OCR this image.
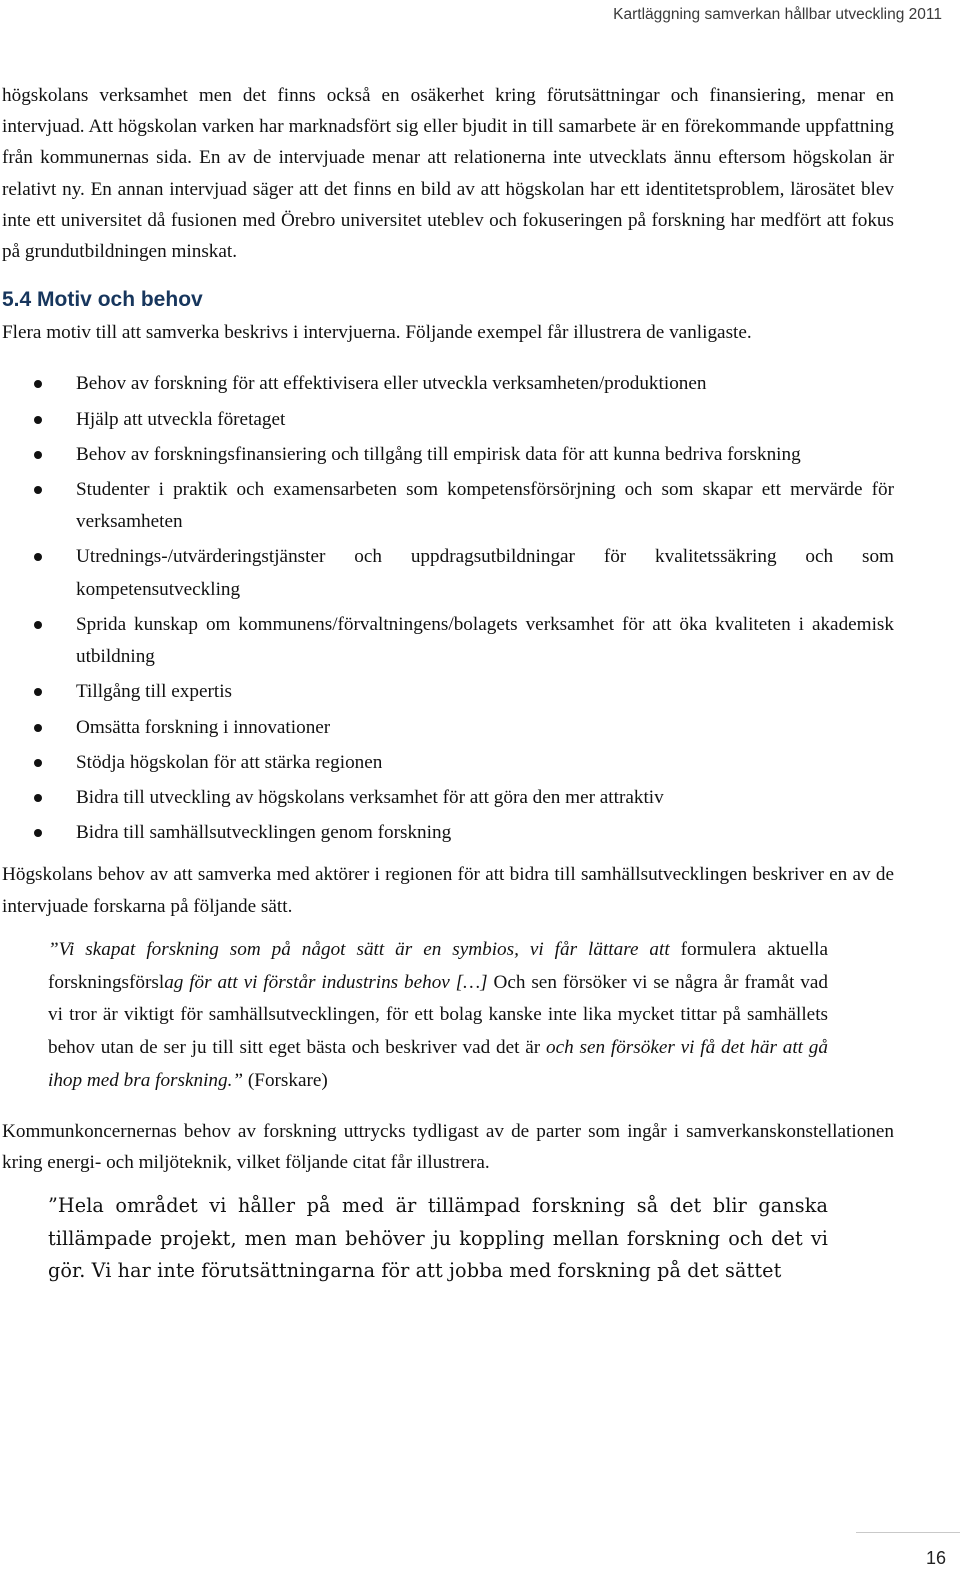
Kartläggning samverkan hållbar utveckling 2011

högskolans verksamhet men det finns också en osäkerhet kring förutsättningar och finansiering, menar en intervjuad. Att högskolan varken har marknadsfört sig eller bjudit in till samarbete är en förekommande uppfattning från kommunernas sida. En av de intervjuade menar att relationerna inte utvecklats ännu eftersom högskolan är relativt ny. En annan intervjuad säger att det finns en bild av att högskolan har ett identitetsproblem, lärosätet blev inte ett universitet då fusionen med Örebro universitet uteblev och fokuseringen på forskning har medfört att fokus på grundutbildningen minskat.

5.4 Motiv och behov

Flera motiv till att samverka beskrivs i intervjuerna. Följande exempel får illustrera de vanligaste.

Behov av forskning för att effektivisera eller utveckla verksamheten/produktionen
Hjälp att utveckla företaget
Behov av forskningsfinansiering och tillgång till empirisk data för att kunna bedriva forskning
Studenter i praktik och examensarbeten som kompetensförsörjning och som skapar ett mervärde för verksamheten
Utrednings-/utvärderingstjänster och uppdragsutbildningar för kvalitetssäkring och som kompetensutveckling
Sprida kunskap om kommunens/förvaltningens/bolagets verksamhet för att öka kvaliteten i akademisk utbildning
Tillgång till expertis
Omsätta forskning i innovationer
Stödja högskolan för att stärka regionen
Bidra till utveckling av högskolans verksamhet för att göra den mer attraktiv
Bidra till samhällsutvecklingen genom forskning

Högskolans behov av att samverka med aktörer i regionen för att bidra till samhällsutvecklingen beskriver en av de intervjuade forskarna på följande sätt.

”Vi skapat forskning som på något sätt är en symbios, vi får lättare att formulera aktuella forskningsförslag för att vi förstår industrins behov […] Och sen försöker vi se några år framåt vad vi tror är viktigt för samhällsutvecklingen, för ett bolag kanske inte lika mycket tittar på samhällets behov utan de ser ju till sitt eget bästa och beskriver vad det är och sen försöker vi få det här att gå ihop med bra forskning.” (Forskare)

Kommunkoncernernas behov av forskning uttrycks tydligast av de parter som ingår i samverkanskonstellationen kring energi- och miljöteknik, vilket följande citat får illustrera.

”Hela området vi håller på med är tillämpad forskning så det blir ganska tillämpade projekt, men man behöver ju koppling mellan forskning och det vi gör. Vi har inte förutsättningarna för att jobba med forskning på det sättet
16
